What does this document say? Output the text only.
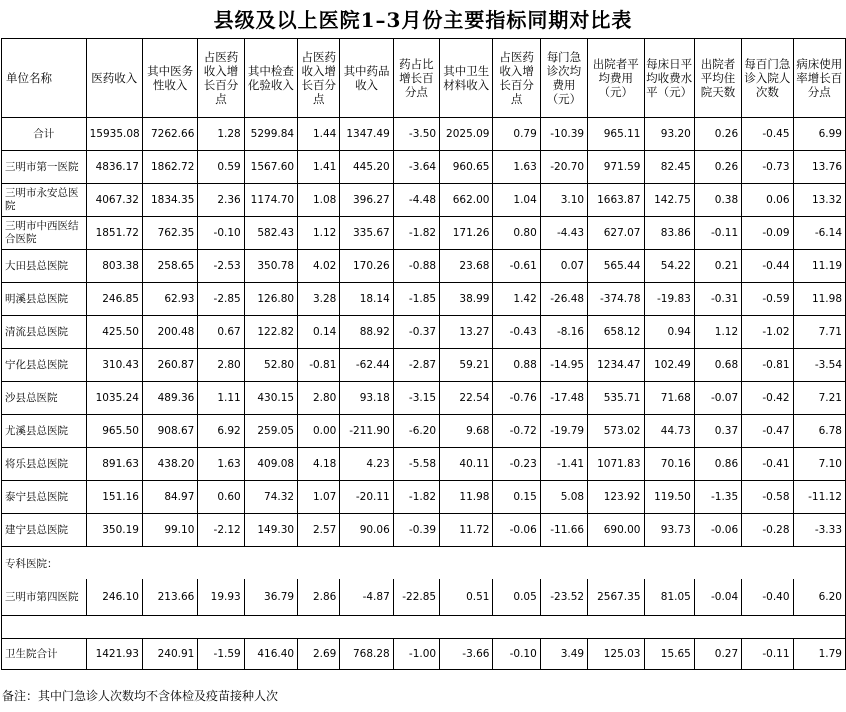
县级及以上医院1–3月份主要指标同期对比表
单位名称	医药收入	其中医务性收入	占医药收入增长百分点	其中检查化验收入	占医药收入增长百分点	其中药品收入	药占比增长百分点	其中卫生材料收入	占医药收入增长百分点	每门急诊次均费用（元）	出院者平均费用（元）	每床日平均收费水平（元）	出院者平均住院天数	每百门急诊入院人次数	病床使用率增长百分点
合计	15935.08	7262.66	1.28	5299.84	1.44	1347.49	-3.50	2025.09	0.79	-10.39	965.11	93.20	0.26	-0.45	6.99
三明市第一医院	4836.17	1862.72	0.59	1567.60	1.41	445.20	-3.64	960.65	1.63	-20.70	971.59	82.45	0.26	-0.73	13.76
三明市永安总医院	4067.32	1834.35	2.36	1174.70	1.08	396.27	-4.48	662.00	1.04	3.10	1663.87	142.75	0.38	0.06	13.32
三明市中西医结合医院	1851.72	762.35	-0.10	582.43	1.12	335.67	-1.82	171.26	0.80	-4.43	627.07	83.86	-0.11	-0.09	-6.14
大田县总医院	803.38	258.65	-2.53	350.78	4.02	170.26	-0.88	23.68	-0.61	0.07	565.44	54.22	0.21	-0.44	11.19
明溪县总医院	246.85	62.93	-2.85	126.80	3.28	18.14	-1.85	38.99	1.42	-26.48	-374.78	-19.83	-0.31	-0.59	11.98
清流县总医院	425.50	200.48	0.67	122.82	0.14	88.92	-0.37	13.27	-0.43	-8.16	658.12	0.94	1.12	-1.02	7.71
宁化县总医院	310.43	260.87	2.80	52.80	-0.81	-62.44	-2.87	59.21	0.88	-14.95	1234.47	102.49	0.68	-0.81	-3.54
沙县总医院	1035.24	489.36	1.11	430.15	2.80	93.18	-3.15	22.54	-0.76	-17.48	535.71	71.68	-0.07	-0.42	7.21
尤溪县总医院	965.50	908.67	6.92	259.05	0.00	-211.90	-6.20	9.68	-0.72	-19.79	573.02	44.73	0.37	-0.47	6.78
将乐县总医院	891.63	438.20	1.63	409.08	4.18	4.23	-5.58	40.11	-0.23	-1.41	1071.83	70.16	0.86	-0.41	7.10
泰宁县总医院	151.16	84.97	0.60	74.32	1.07	-20.11	-1.82	11.98	0.15	5.08	123.92	119.50	-1.35	-0.58	-11.12
建宁县总医院	350.19	99.10	-2.12	149.30	2.57	90.06	-0.39	11.72	-0.06	-11.66	690.00	93.73	-0.06	-0.28	-3.33
专科医院：															
三明市第四医院	246.10	213.66	19.93	36.79	2.86	-4.87	-22.85	0.51	0.05	-23.52	2567.35	81.05	-0.04	-0.40	6.20

卫生院合计	1421.93	240.91	-1.59	416.40	2.69	768.28	-1.00	-3.66	-0.10	3.49	125.03	15.65	0.27	-0.11	1.79
备注：其中门急诊人次数均不含体检及疫苗接种人次
